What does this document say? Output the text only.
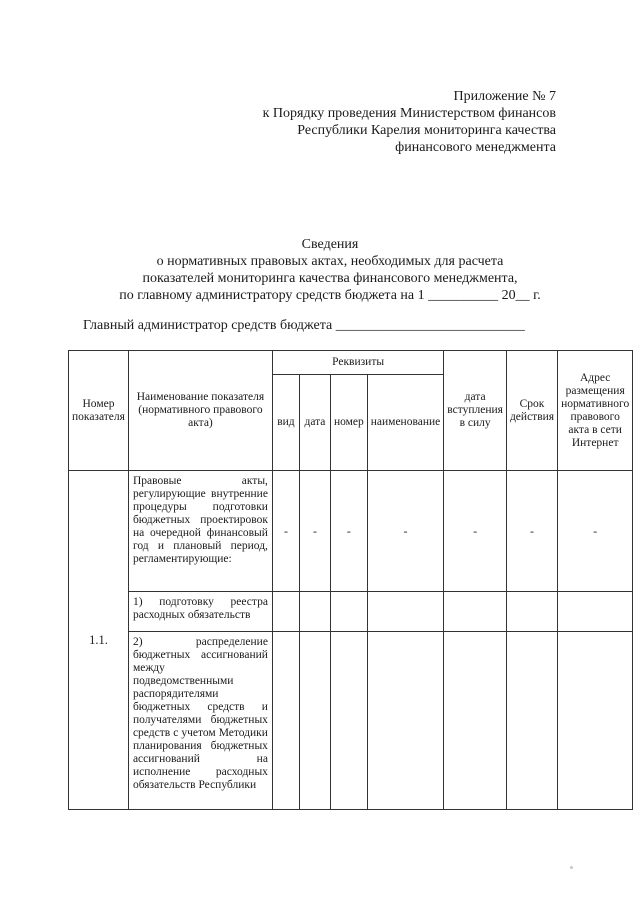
Приложение № 7
к Порядку проведения Министерством финансов
Республики Карелия мониторинга качества
финансового менеджмента
Сведения
о нормативных правовых актах, необходимых для расчета
показателей мониторинга качества финансового менеджмента,
по главному администратору средств бюджета на 1 __________ 20__ г.
Главный администратор средств бюджета ___________________________
Номер показателя	Наименование показателя (нормативного правового акта)	Реквизиты				дата вступления в силу	Срок действия	Адрес размещения нормативного правового акта в сети Интернет
		вид	дата	номер	наименование			
1.1.	Правовые акты, регулирующие внутренние процедуры подготовки бюджетных проектировок на очередной финансовый год и плановый период, регламентирующие:	-	-	-	-	-	-	-
	1) подготовку реестра расходных обязательств							
	2) распределение бюджетных ассигнований между подведомственными распорядителями бюджетных средств и получателями бюджетных средств с учетом Методики планирования бюджетных ассигнований на исполнение расходных обязательств Республики							
